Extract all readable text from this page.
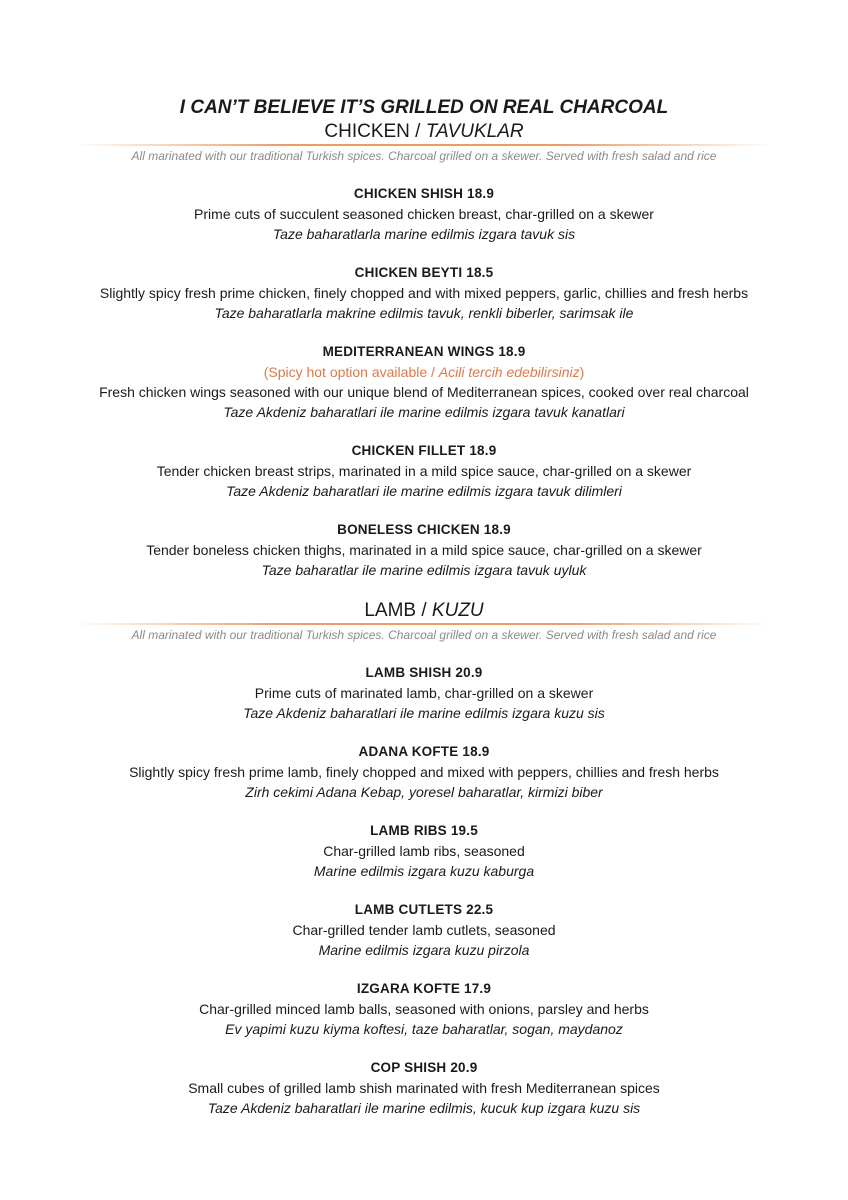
I CAN’T BELIEVE IT’S GRILLED ON REAL CHARCOAL
CHICKEN / TAVUKLAR
All marinated with our traditional Turkish spices. Charcoal grilled on a skewer. Served with fresh salad and rice
CHICKEN SHISH 18.9
Prime cuts of succulent seasoned chicken breast, char-grilled on a skewer
Taze baharatlarla marine edilmis izgara tavuk sis
CHICKEN BEYTI 18.5
Slightly spicy fresh prime chicken, finely chopped and with mixed peppers, garlic, chillies and fresh herbs
Taze baharatlarla makrine edilmis tavuk, renkli biberler, sarimsak ile
MEDITERRANEAN WINGS 18.9
(Spicy hot option available / Acili tercih edebilirsiniz)
Fresh chicken wings seasoned with our unique blend of Mediterranean spices, cooked over real charcoal
Taze Akdeniz baharatlari ile marine edilmis izgara tavuk kanatlari
CHICKEN FILLET 18.9
Tender chicken breast strips, marinated in a mild spice sauce, char-grilled on a skewer
Taze Akdeniz baharatlari ile marine edilmis izgara tavuk dilimleri
BONELESS CHICKEN 18.9
Tender boneless chicken thighs, marinated in a mild spice sauce, char-grilled on a skewer
Taze baharatlar ile marine edilmis izgara tavuk uyluk
LAMB / KUZU
All marinated with our traditional Turkish spices. Charcoal grilled on a skewer. Served with fresh salad and rice
LAMB SHISH 20.9
Prime cuts of marinated lamb, char-grilled on a skewer
Taze Akdeniz baharatlari ile marine edilmis izgara kuzu sis
ADANA KOFTE 18.9
Slightly spicy fresh prime lamb, finely chopped and mixed with peppers, chillies and fresh herbs
Zirh cekimi Adana Kebap, yoresel baharatlar, kirmizi biber
LAMB RIBS 19.5
Char-grilled lamb ribs, seasoned
Marine edilmis izgara kuzu kaburga
LAMB CUTLETS 22.5
Char-grilled tender lamb cutlets, seasoned
Marine edilmis izgara kuzu pirzola
IZGARA KOFTE 17.9
Char-grilled minced lamb balls, seasoned with onions, parsley and herbs
Ev yapimi kuzu kiyma koftesi, taze baharatlar, sogan, maydanoz
COP SHISH 20.9
Small cubes of grilled lamb shish marinated with fresh Mediterranean spices
Taze Akdeniz baharatlari ile marine edilmis, kucuk kup izgara kuzu sis
